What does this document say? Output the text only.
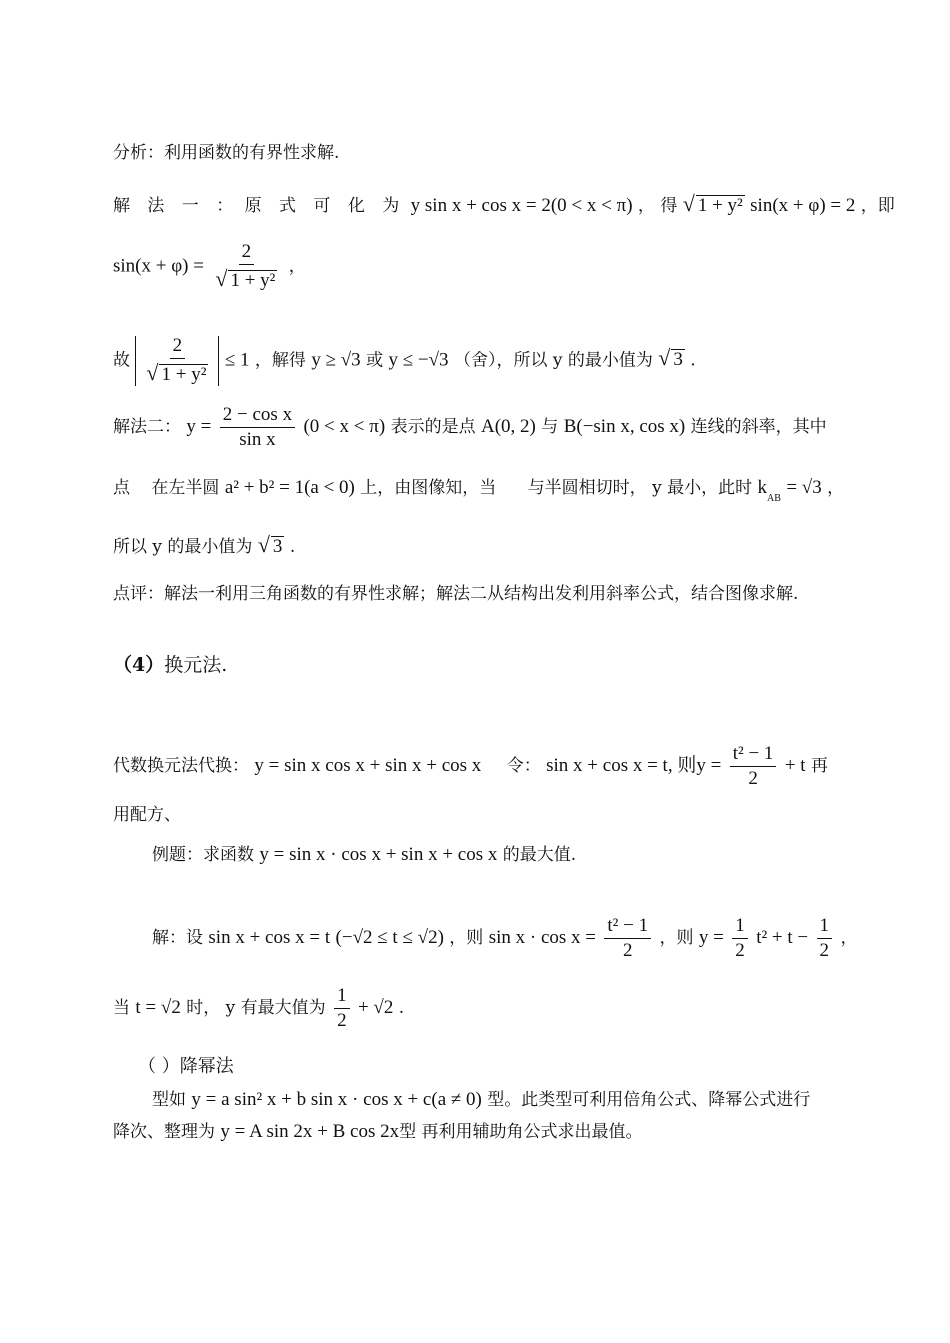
分析：利用函数的有界性求解.
解 法 一 ： 原 式 可 化 为 y sin x + cos x = 2(0 < x < π) ， 得 √ 1 + y² sin(x + φ) = 2 ，即
$\sin(x + \varphi) = \frac{2}{\text{√ 1 + y²}}$ ，
故 $\frac{2}{\text{√ 1 + y²}} \le 1$ ，解得 y ≥ √3 或 y ≤ −√3 （舍），所以 y 的最小值为 √ 3 .
解法二： $y = \frac{\text{2 − cos x}}{\text{sin x}} (0 < x < \pi)$ 表示的是点 A(0, 2) 与 B(−sin x, cos x) 连线的斜率，其中
点 在左半圆 a² + b² = 1(a < 0) 上，由图像知，当 与半圆相切时， y 最小，此时 $k_{AB} = √3$ ，
所以 y 的最小值为 √ 3 .
点评：解法一利用三角函数的有界性求解；解法二从结构出发利用斜率公式，结合图像求解.
（4）换元法.
代数换元法代换： y = sin x cos x + sin x + cos x 令： sin x + cos x = t, 则$y = \frac{\text{t² − 1}}{2} + t$ 再
用配方、
例题：求函数 y = sin x · cos x + sin x + cos x 的最大值.
解：设 sin x + cos x = t (−√2 ≤ t ≤ √2) ，则 $\sin x \cdot \cos x = \frac{\text{t² − 1}}{2}$ ，则 $y = \frac{1}{2} t^2 + t - \frac{1}{2}$ ，
当 t = √2 时， y 有最大值为 $\frac{1}{2} + √2$ .
（ ）降幂法
型如 y = a sin² x + b sin x · cos x + c(a ≠ 0) 型。此类型可利用倍角公式、降幂公式进行
降次、整理为 y = A sin 2x + B cos 2x型 再利用辅助角公式求出最值。
